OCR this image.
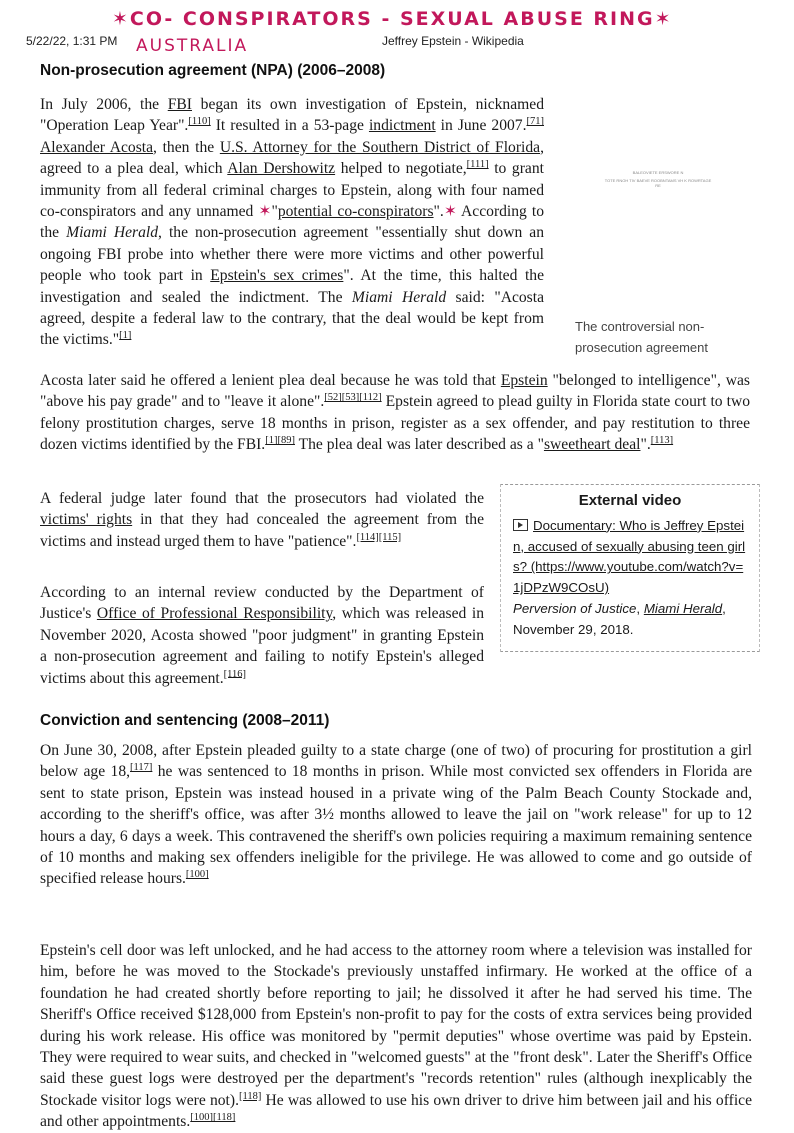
✶CO- CONSPIRATORS - SEXUAL ABUSE RING✶
AUSTRALIA
5/22/22, 1:31 PM	Jeffrey Epstein - Wikipedia
Non-prosecution agreement (NPA) (2006–2008)

In July 2006, the FBI began its own investigation of Epstein, nicknamed "Operation Leap Year".[110] It resulted in a 53-page indictment in June 2007.[71] Alexander Acosta, then the U.S. Attorney for the Southern District of Florida, agreed to a plea deal, which Alan Dershowitz helped to negotiate,[111] to grant immunity from all federal criminal charges to Epstein, along with four named co-conspirators and any unnamed ✶"potential co-conspirators".✶ According to the Miami Herald, the non-prosecution agreement "essentially shut down an ongoing FBI probe into whether there were more victims and other powerful people who took part in Epstein's sex crimes". At the time, this halted the investigation and sealed the indictment. The Miami Herald said: "Acosta agreed, despite a federal law to the contrary, that the deal would be kept from the victims."[1]

BALEOVIETE ERSWORE N
TOTE RNOH TIV BAEVE ROOBNTAMS VH K ROWRTAGE RE
The controversial non-
prosecution agreement

Acosta later said he offered a lenient plea deal because he was told that Epstein "belonged to intelligence", was "above his pay grade" and to "leave it alone".[52][53][112] Epstein agreed to plead guilty in Florida state court to two felony prostitution charges, serve 18 months in prison, register as a sex offender, and pay restitution to three dozen victims identified by the FBI.[1][89] The plea deal was later described as a "sweetheart deal".[113]

A federal judge later found that the prosecutors had violated the victims' rights in that they had concealed the agreement from the victims and instead urged them to have "patience".[114][115]

According to an internal review conducted by the Department of Justice's Office of Professional Responsibility, which was released in November 2020, Acosta showed "poor judgment" in granting Epstein a non-prosecution agreement and failing to notify Epstein's alleged victims about this agreement.[116]

External video
Documentary: Who is Jeffrey Epstein, accused of sexually abusing teen girls? (https://www.youtube.com/watch?v=1jDPzW9COsU)
Perversion of Justice, Miami Herald,
November 29, 2018.
Conviction and sentencing (2008–2011)

On June 30, 2008, after Epstein pleaded guilty to a state charge (one of two) of procuring for prostitution a girl below age 18,[117] he was sentenced to 18 months in prison. While most convicted sex offenders in Florida are sent to state prison, Epstein was instead housed in a private wing of the Palm Beach County Stockade and, according to the sheriff's office, was after 3½ months allowed to leave the jail on "work release" for up to 12 hours a day, 6 days a week. This contravened the sheriff's own policies requiring a maximum remaining sentence of 10 months and making sex offenders ineligible for the privilege. He was allowed to come and go outside of specified release hours.[100]

Epstein's cell door was left unlocked, and he had access to the attorney room where a television was installed for him, before he was moved to the Stockade's previously unstaffed infirmary. He worked at the office of a foundation he had created shortly before reporting to jail; he dissolved it after he had served his time. The Sheriff's Office received $128,000 from Epstein's non-profit to pay for the costs of extra services being provided during his work release. His office was monitored by "permit deputies" whose overtime was paid by Epstein. They were required to wear suits, and checked in "welcomed guests" at the "front desk". Later the Sheriff's Office said these guest logs were destroyed per the department's "records retention" rules (although inexplicably the Stockade visitor logs were not).[118] He was allowed to use his own driver to drive him between jail and his office and other appointments.[100][118]
